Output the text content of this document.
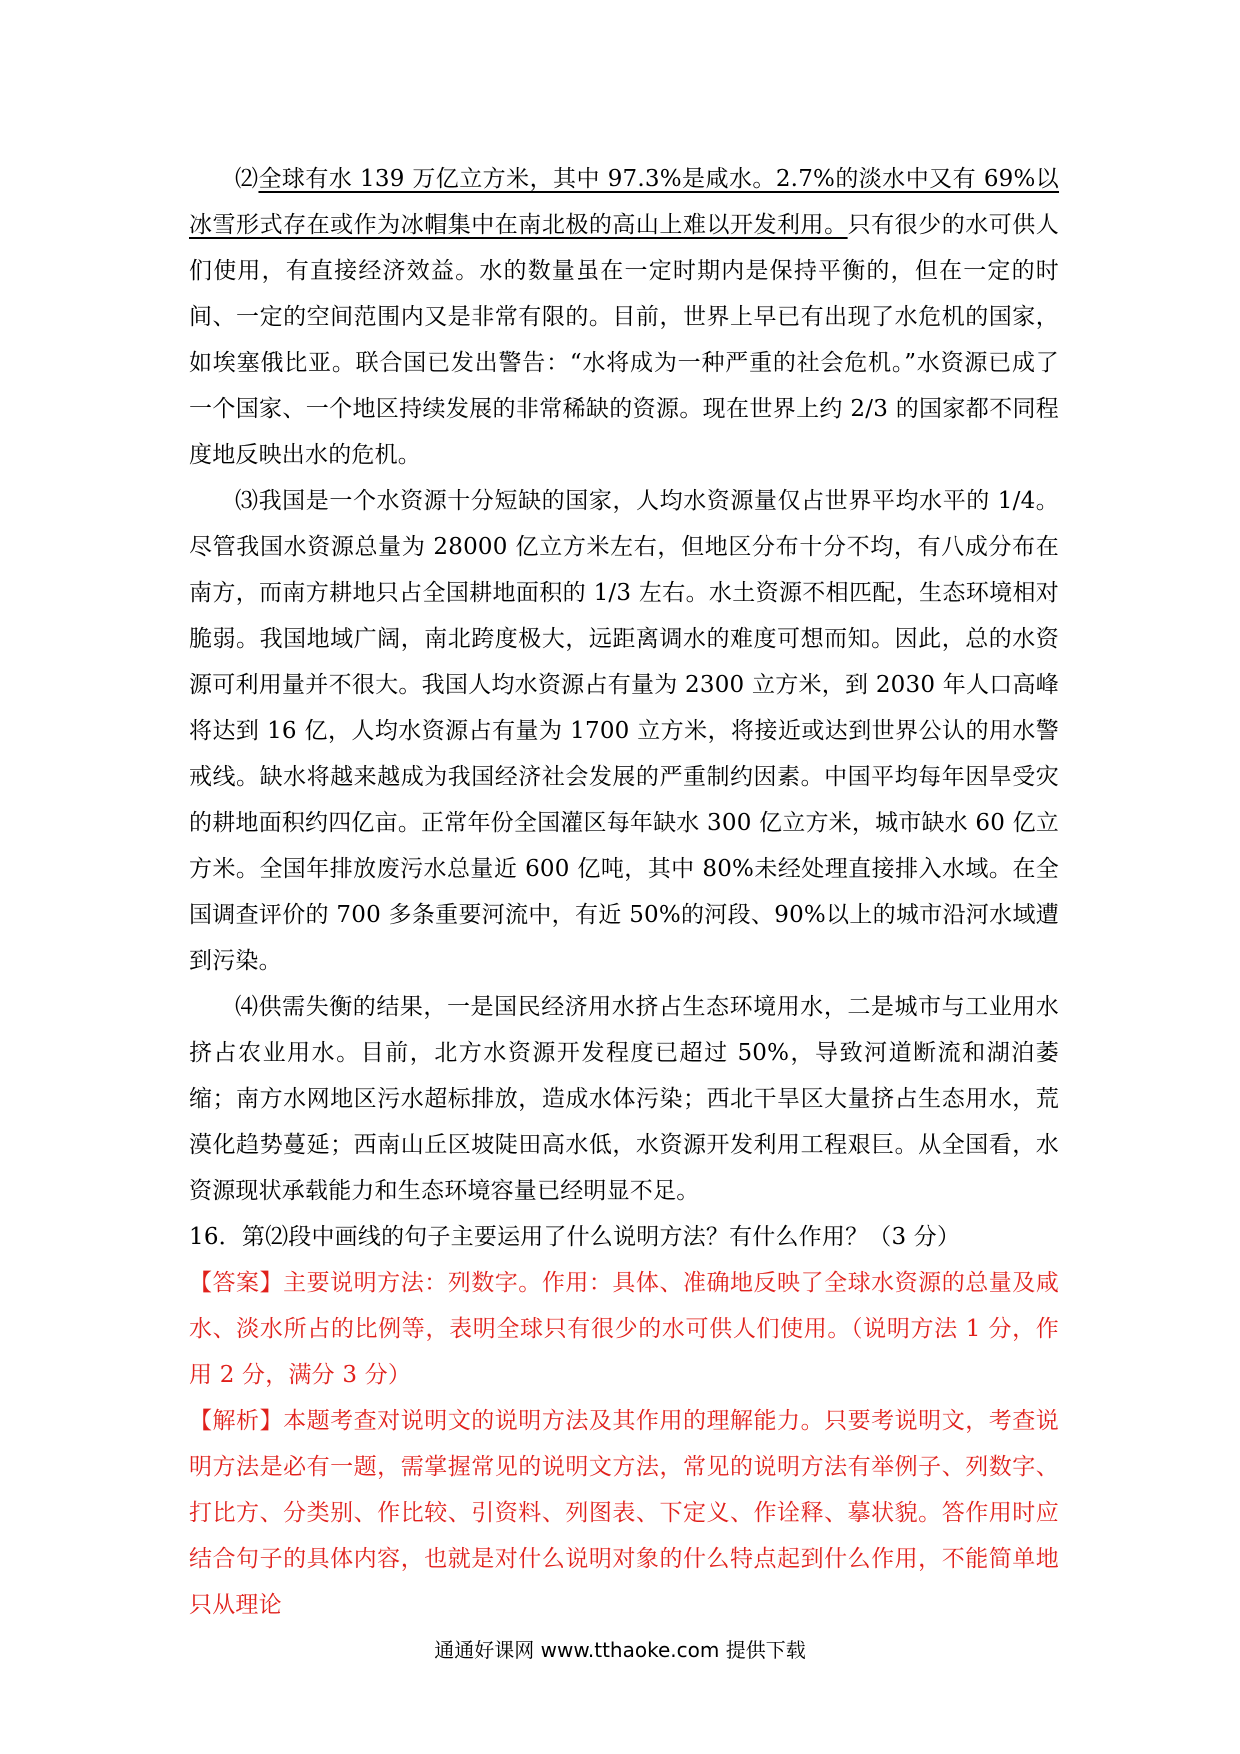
⑵全球有水 139 万亿立方米，其中 97.3%是咸水。2.7%的淡水中又有 69%以冰雪形式存在或作为冰帽集中在南北极的高山上难以开发利用。只有很少的水可供人们使用，有直接经济效益。水的数量虽在一定时期内是保持平衡的，但在一定的时间、一定的空间范围内又是非常有限的。目前，世界上早已有出现了水危机的国家，如埃塞俄比亚。联合国已发出警告：“水将成为一种严重的社会危机。”水资源已成了一个国家、一个地区持续发展的非常稀缺的资源。现在世界上约 2/3 的国家都不同程度地反映出水的危机。

⑶我国是一个水资源十分短缺的国家，人均水资源量仅占世界平均水平的 1/4。尽管我国水资源总量为 28000 亿立方米左右，但地区分布十分不均，有八成分布在南方，而南方耕地只占全国耕地面积的 1/3 左右。水土资源不相匹配，生态环境相对脆弱。我国地域广阔，南北跨度极大，远距离调水的难度可想而知。因此，总的水资源可利用量并不很大。我国人均水资源占有量为 2300 立方米，到 2030 年人口高峰将达到 16 亿，人均水资源占有量为 1700 立方米，将接近或达到世界公认的用水警戒线。缺水将越来越成为我国经济社会发展的严重制约因素。中国平均每年因旱受灾的耕地面积约四亿亩。正常年份全国灌区每年缺水 300 亿立方米，城市缺水 60 亿立方米。全国年排放废污水总量近 600 亿吨，其中 80%未经处理直接排入水域。在全国调查评价的 700 多条重要河流中，有近 50%的河段、90%以上的城市沿河水域遭到污染。

⑷供需失衡的结果，一是国民经济用水挤占生态环境用水，二是城市与工业用水挤占农业用水。目前，北方水资源开发程度已超过 50%，导致河道断流和湖泊萎缩；南方水网地区污水超标排放，造成水体污染；西北干旱区大量挤占生态用水，荒漠化趋势蔓延；西南山丘区坡陡田高水低，水资源开发利用工程艰巨。从全国看，水资源现状承载能力和生态环境容量已经明显不足。

16．第⑵段中画线的句子主要运用了什么说明方法？有什么作用？（3 分）

【答案】主要说明方法：列数字。作用：具体、准确地反映了全球水资源的总量及咸水、淡水所占的比例等，表明全球只有很少的水可供人们使用。（说明方法 1 分，作用 2 分，满分 3 分）

【解析】本题考查对说明文的说明方法及其作用的理解能力。只要考说明文，考查说明方法是必有一题，需掌握常见的说明文方法，常见的说明方法有举例子、列数字、打比方、分类别、作比较、引资料、列图表、下定义、作诠释、摹状貌。答作用时应结合句子的具体内容，也就是对什么说明对象的什么特点起到什么作用，不能简单地只从理论

通通好课网 www.tthaoke.com 提供下载
